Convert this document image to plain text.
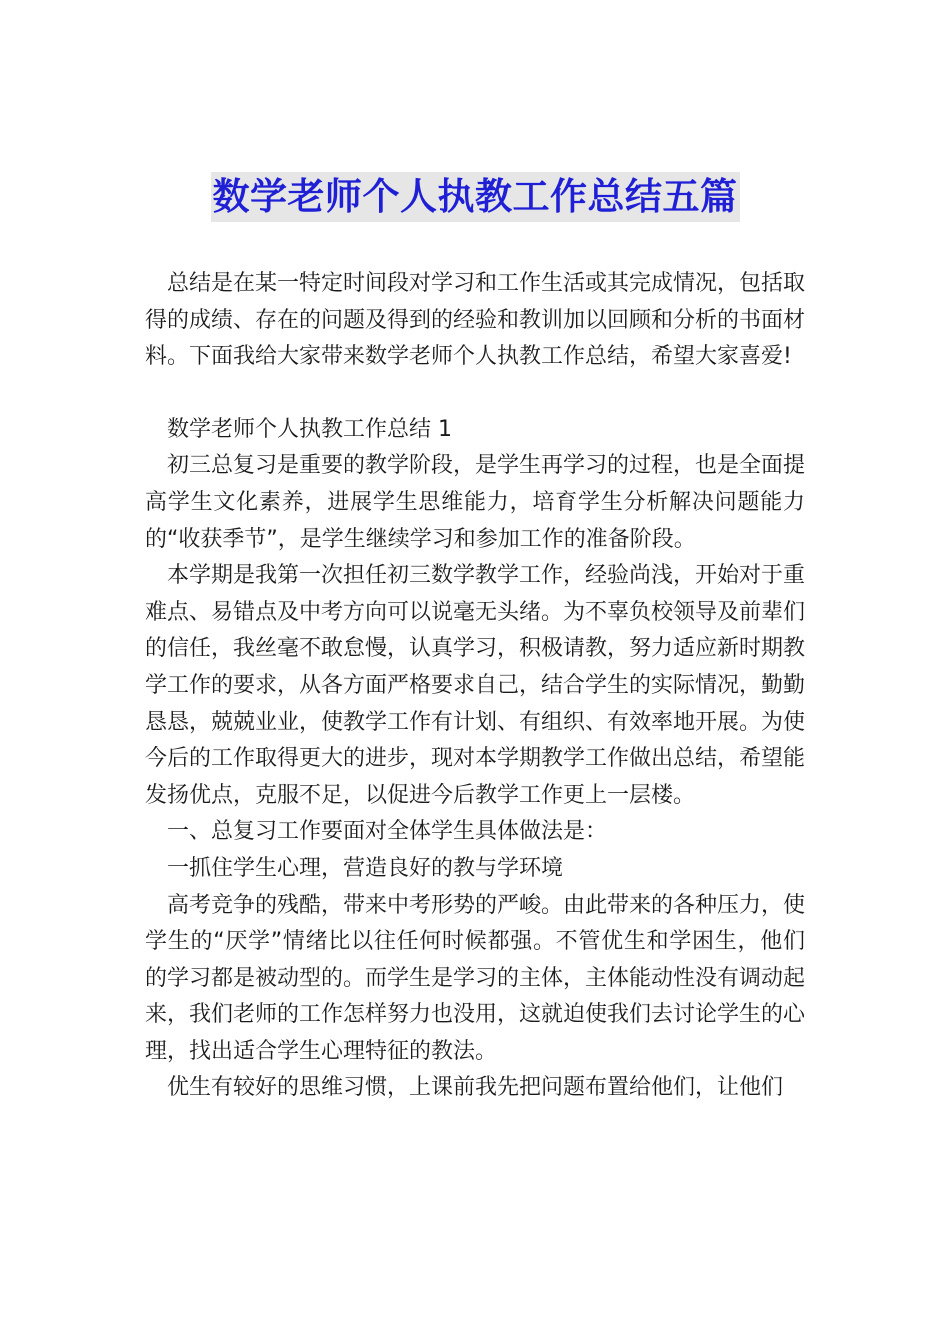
数学老师个人执教工作总结五篇

总结是在某一特定时间段对学习和工作生活或其完成情况，包括取得的成绩、存在的问题及得到的经验和教训加以回顾和分析的书面材料。下面我给大家带来数学老师个人执教工作总结，希望大家喜爱!

数学老师个人执教工作总结 1

初三总复习是重要的教学阶段，是学生再学习的过程，也是全面提高学生文化素养，进展学生思维能力，培育学生分析解决问题能力的“收获季节”，是学生继续学习和参加工作的准备阶段。

本学期是我第一次担任初三数学教学工作，经验尚浅，开始对于重难点、易错点及中考方向可以说毫无头绪。为不辜负校领导及前辈们的信任，我丝毫不敢怠慢，认真学习，积极请教，努力适应新时期教学工作的要求，从各方面严格要求自己，结合学生的实际情况，勤勤恳恳，兢兢业业，使教学工作有计划、有组织、有效率地开展。为使今后的工作取得更大的进步，现对本学期教学工作做出总结，希望能发扬优点，克服不足，以促进今后教学工作更上一层楼。

一、总复习工作要面对全体学生具体做法是：

一抓住学生心理，营造良好的教与学环境

高考竞争的残酷，带来中考形势的严峻。由此带来的各种压力，使学生的“厌学”情绪比以往任何时候都强。不管优生和学困生，他们的学习都是被动型的。而学生是学习的主体，主体能动性没有调动起来，我们老师的工作怎样努力也没用，这就迫使我们去讨论学生的心理，找出适合学生心理特征的教法。

优生有较好的思维习惯，上课前我先把问题布置给他们，让他们
